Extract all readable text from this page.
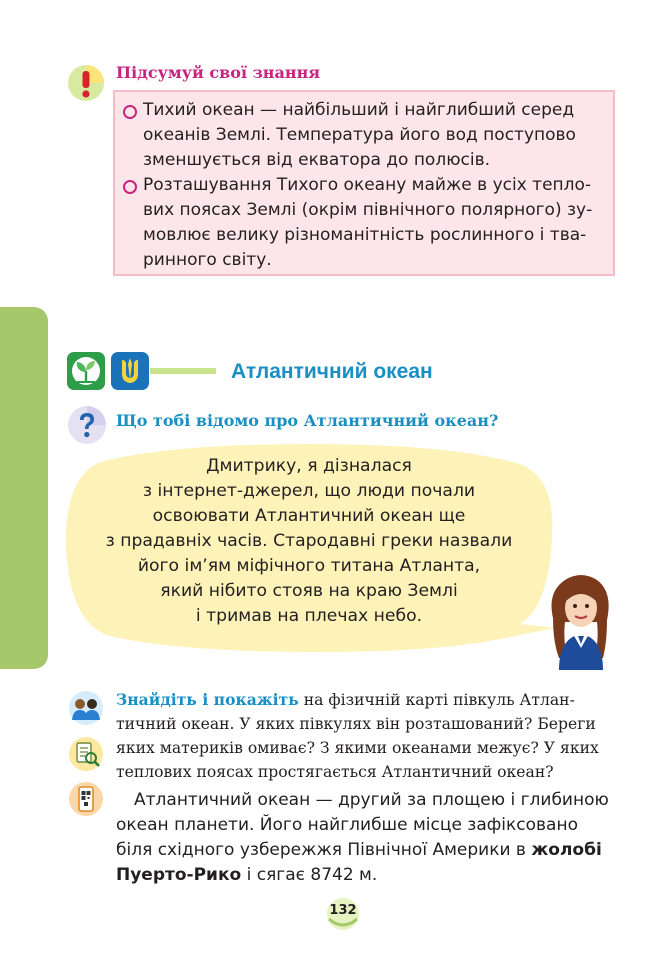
Підсумуй свої знання
Тихий океан — найбільший і найглибший серед
океанів Землі. Температура його вод поступово
зменшується від екватора до полюсів.
Розташування Тихого океану майже в усіх тепло-
вих поясах Землі (окрім північного полярного) зу-
мовлює велику різноманітність рослинного і тва-
ринного світу.
Атлантичний океан
Що тобі відомо про Атлантичний океан?
Дмитрику, я дізналася
з інтернет-джерел, що люди почали
освоювати Атлантичний океан ще
з прадавніх часів. Стародавні греки назвали
його ім’ям міфічного титана Атланта,
який нібито стояв на краю Землі
і тримав на плечах небо.
Знайдіть і покажіть на фізичній карті півкуль Атлан-
тичний океан. У яких півкулях він розташований? Береги
яких материків омиває? З якими океанами межує? У яких
теплових поясах простягається Атлантичний океан?
Атлантичний океан — другий за площею і глибиною
океан планети. Його найглибше місце зафіксовано
біля східного узбережжя Північної Америки в жолобі
Пуерто-Рико і сягає 8742 м.
132
